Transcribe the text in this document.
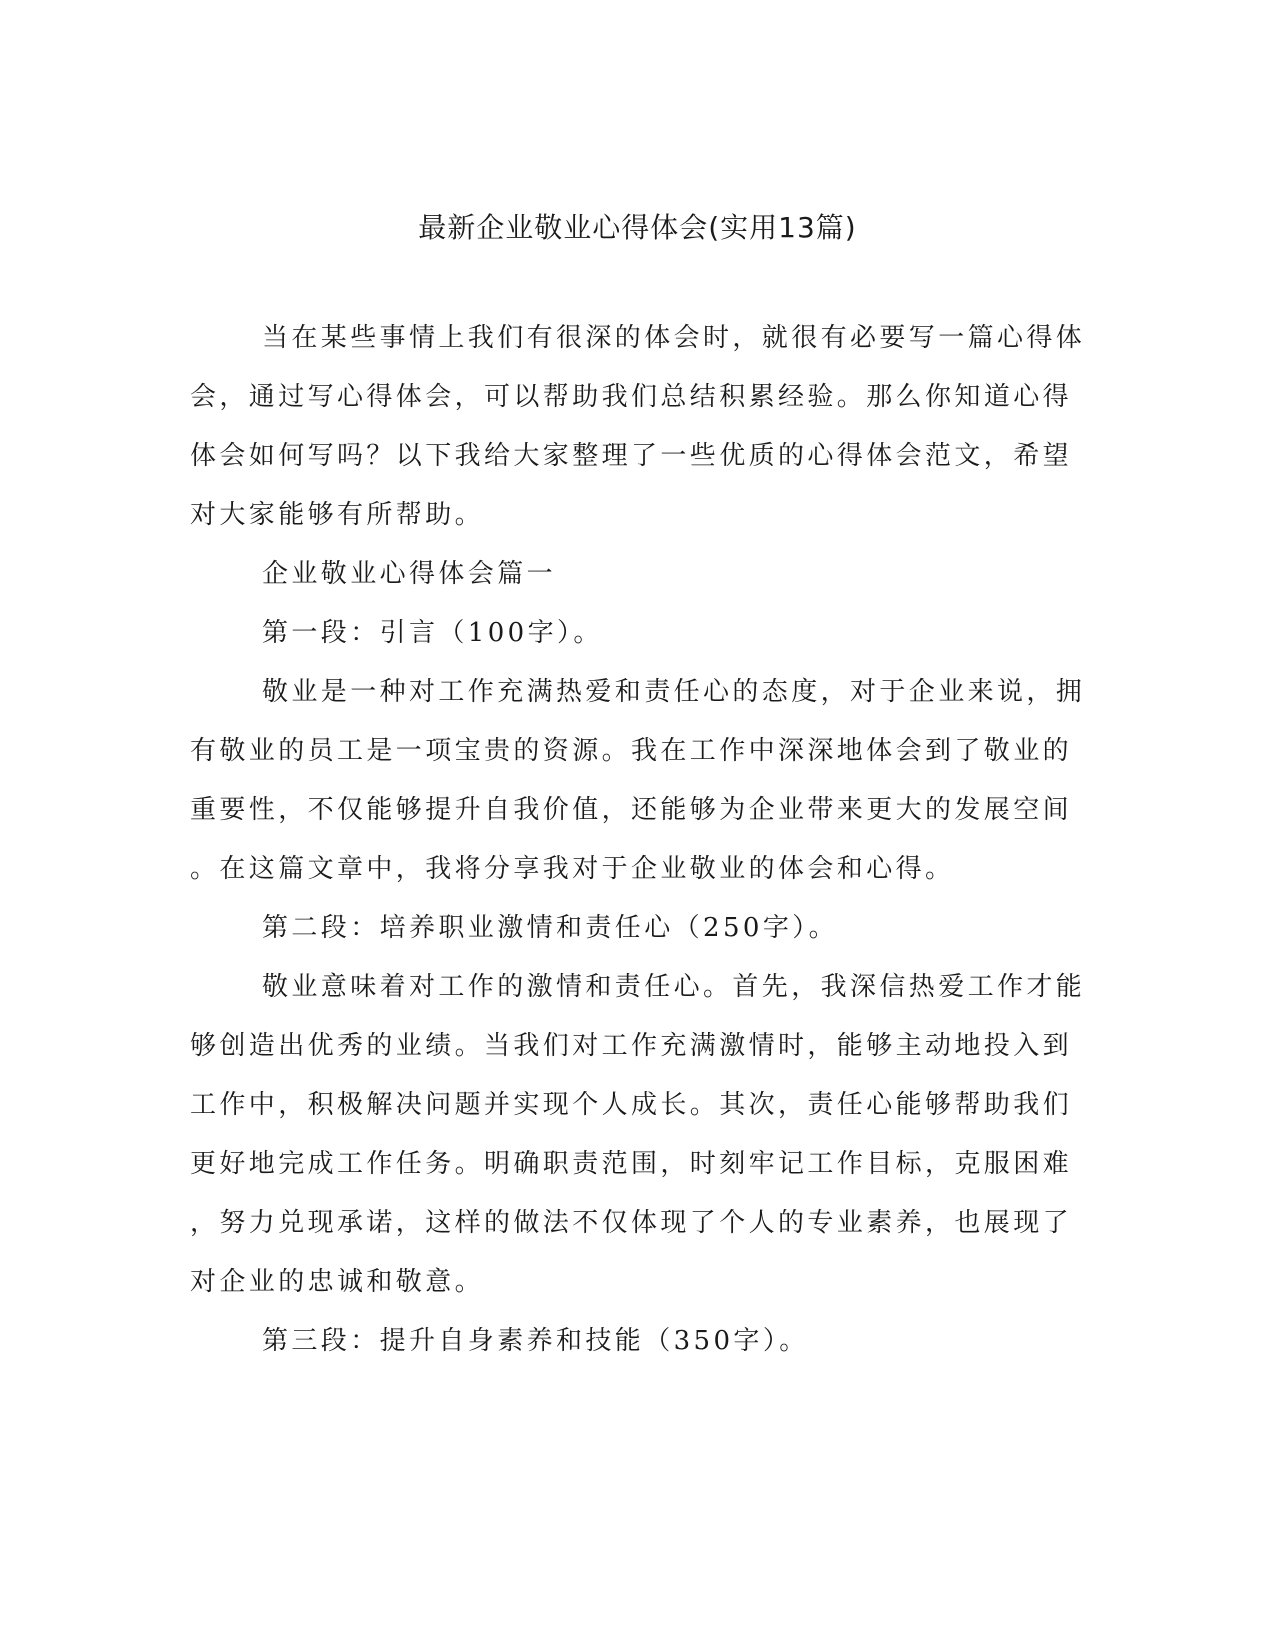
最新企业敬业心得体会(实用13篇)
当在某些事情上我们有很深的体会时，就很有必要写一篇心得体
会，通过写心得体会，可以帮助我们总结积累经验。那么你知道心得
体会如何写吗？以下我给大家整理了一些优质的心得体会范文，希望
对大家能够有所帮助。
企业敬业心得体会篇一
第一段：引言（100字）。
敬业是一种对工作充满热爱和责任心的态度，对于企业来说，拥
有敬业的员工是一项宝贵的资源。我在工作中深深地体会到了敬业的
重要性，不仅能够提升自我价值，还能够为企业带来更大的发展空间
。在这篇文章中，我将分享我对于企业敬业的体会和心得。
第二段：培养职业激情和责任心（250字）。
敬业意味着对工作的激情和责任心。首先，我深信热爱工作才能
够创造出优秀的业绩。当我们对工作充满激情时，能够主动地投入到
工作中，积极解决问题并实现个人成长。其次，责任心能够帮助我们
更好地完成工作任务。明确职责范围，时刻牢记工作目标，克服困难
，努力兑现承诺，这样的做法不仅体现了个人的专业素养，也展现了
对企业的忠诚和敬意。
第三段：提升自身素养和技能（350字）。
